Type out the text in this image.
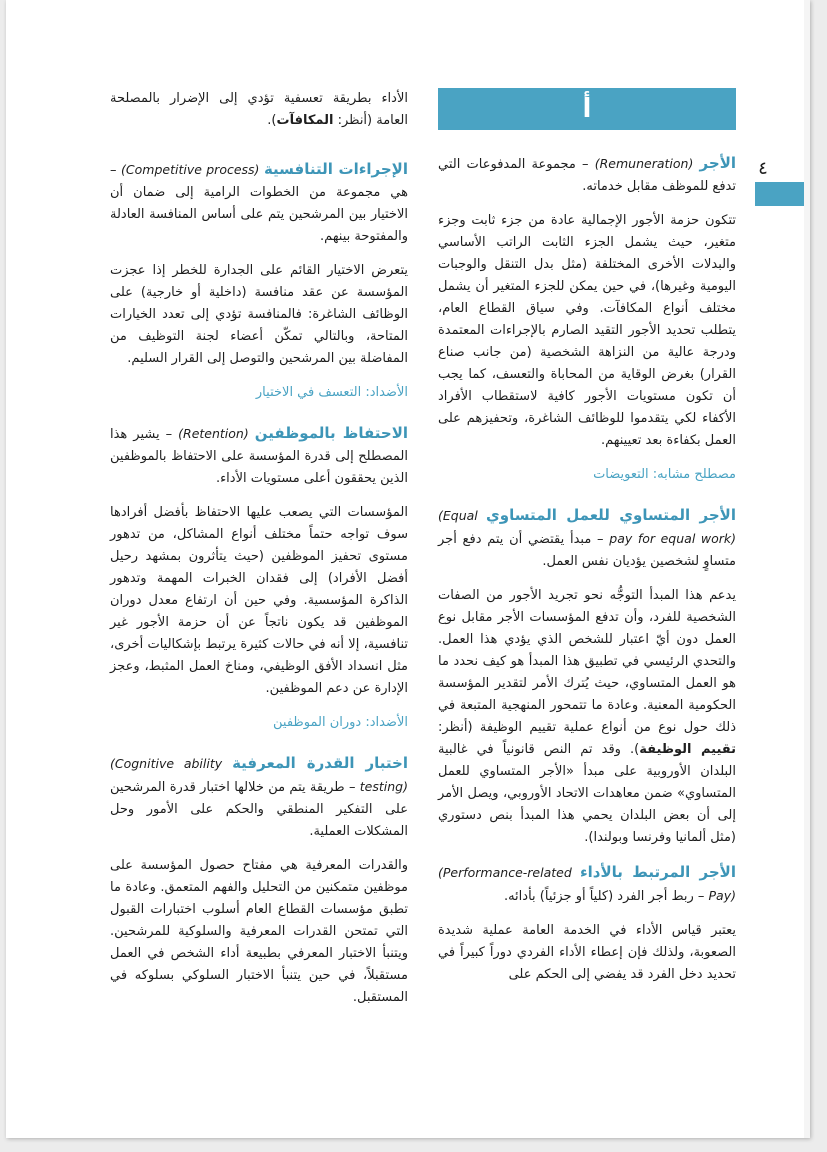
٤
أ
الأجر (Remuneration) – مجموعة المدفوعات التي تدفع للموظف مقابل خدماته.
تتكون حزمة الأجور الإجمالية عادة من جزء ثابت وجزء متغير، حيث يشمل الجزء الثابت الراتب الأساسي والبدلات الأخرى المختلفة (مثل بدل التنقل والوجبات اليومية وغيرها)، في حين يمكن للجزء المتغير أن يشمل مختلف أنواع المكافآت. وفي سياق القطاع العام، يتطلب تحديد الأجور التقيد الصارم بالإجراءات المعتمدة ودرجة عالية من النزاهة الشخصية (من جانب صناع القرار) بغرض الوقاية من المحاباة والتعسف، كما يجب أن تكون مستويات الأجور كافية لاستقطاب الأفراد الأكفاء لكي يتقدموا للوظائف الشاغرة، وتحفيزهم على العمل بكفاءة بعد تعيينهم.
مصطلح مشابه: التعويضات
الأجر المتساوي للعمل المتساوي (Equal pay for equal work) – مبدأ يقتضي أن يتم دفع أجر متساوٍ لشخصين يؤديان نفس العمل.
يدعم هذا المبدأ التوجُّه نحو تجريد الأجور من الصفات الشخصية للفرد، وأن تدفع المؤسسات الأجر مقابل نوع العمل دون أيّ اعتبار للشخص الذي يؤدي هذا العمل. والتحدي الرئيسي في تطبيق هذا المبدأ هو كيف نحدد ما هو العمل المتساوي، حيث يُترك الأمر لتقدير المؤسسة الحكومية المعنية. وعادة ما تتمحور المنهجية المتبعة في ذلك حول نوع من أنواع عملية تقييم الوظيفة (أنظر: تقييم الوظيفة). وقد تم النص قانونياً في غالبية البلدان الأوروبية على مبدأ «الأجر المتساوي للعمل المتساوي» ضمن معاهدات الاتحاد الأوروبي، ويصل الأمر إلى أن بعض البلدان يحمي هذا المبدأ بنص دستوري (مثل ألمانيا وفرنسا وبولندا).
الأجر المرتبط بالأداء (Performance-related Pay) – ربط أجر الفرد (كلياً أو جزئياً) بأدائه.
يعتبر قياس الأداء في الخدمة العامة عملية شديدة الصعوبة، ولذلك فإن إعطاء الأداء الفردي دوراً كبيراً في تحديد دخل الفرد قد يفضي إلى الحكم على
الأداء بطريقة تعسفية تؤدي إلى الإضرار بالمصلحة العامة (أنظر: المكافآت).
الإجراءات التنافسية (Competitive process) – هي مجموعة من الخطوات الرامية إلى ضمان أن الاختيار بين المرشحين يتم على أساس المنافسة العادلة والمفتوحة بينهم.
يتعرض الاختيار القائم على الجدارة للخطر إذا عجزت المؤسسة عن عقد منافسة (داخلية أو خارجية) على الوظائف الشاغرة: فالمنافسة تؤدي إلى تعدد الخيارات المتاحة، وبالتالي تمكّن أعضاء لجنة التوظيف من المفاضلة بين المرشحين والتوصل إلى القرار السليم.
الأضداد: التعسف في الاختيار
الاحتفاظ بالموظفين (Retention) – يشير هذا المصطلح إلى قدرة المؤسسة على الاحتفاظ بالموظفين الذين يحققون أعلى مستويات الأداء.
المؤسسات التي يصعب عليها الاحتفاظ بأفضل أفرادها سوف تواجه حتماً مختلف أنواع المشاكل، من تدهور مستوى تحفيز الموظفين (حيث يتأثرون بمشهد رحيل أفضل الأفراد) إلى فقدان الخبرات المهمة وتدهور الذاكرة المؤسسية. وفي حين أن ارتفاع معدل دوران الموظفين قد يكون ناتجاً عن أن حزمة الأجور غير تنافسية، إلا أنه في حالات كثيرة يرتبط بإشكاليات أخرى، مثل انسداد الأفق الوظيفي، ومناخ العمل المثبط، وعجز الإدارة عن دعم الموظفين.
الأضداد: دوران الموظفين
اختبار القدرة المعرفية (Cognitive ability testing) – طريقة يتم من خلالها اختبار قدرة المرشحين على التفكير المنطقي والحكم على الأمور وحل المشكلات العملية.
والقدرات المعرفية هي مفتاح حصول المؤسسة على موظفين متمكنين من التحليل والفهم المتعمق. وعادة ما تطبق مؤسسات القطاع العام أسلوب اختبارات القبول التي تمتحن القدرات المعرفية والسلوكية للمرشحين. ويتنبأ الاختبار المعرفي بطبيعة أداء الشخص في العمل مستقبلاً، في حين يتنبأ الاختبار السلوكي بسلوكه في المستقبل.
